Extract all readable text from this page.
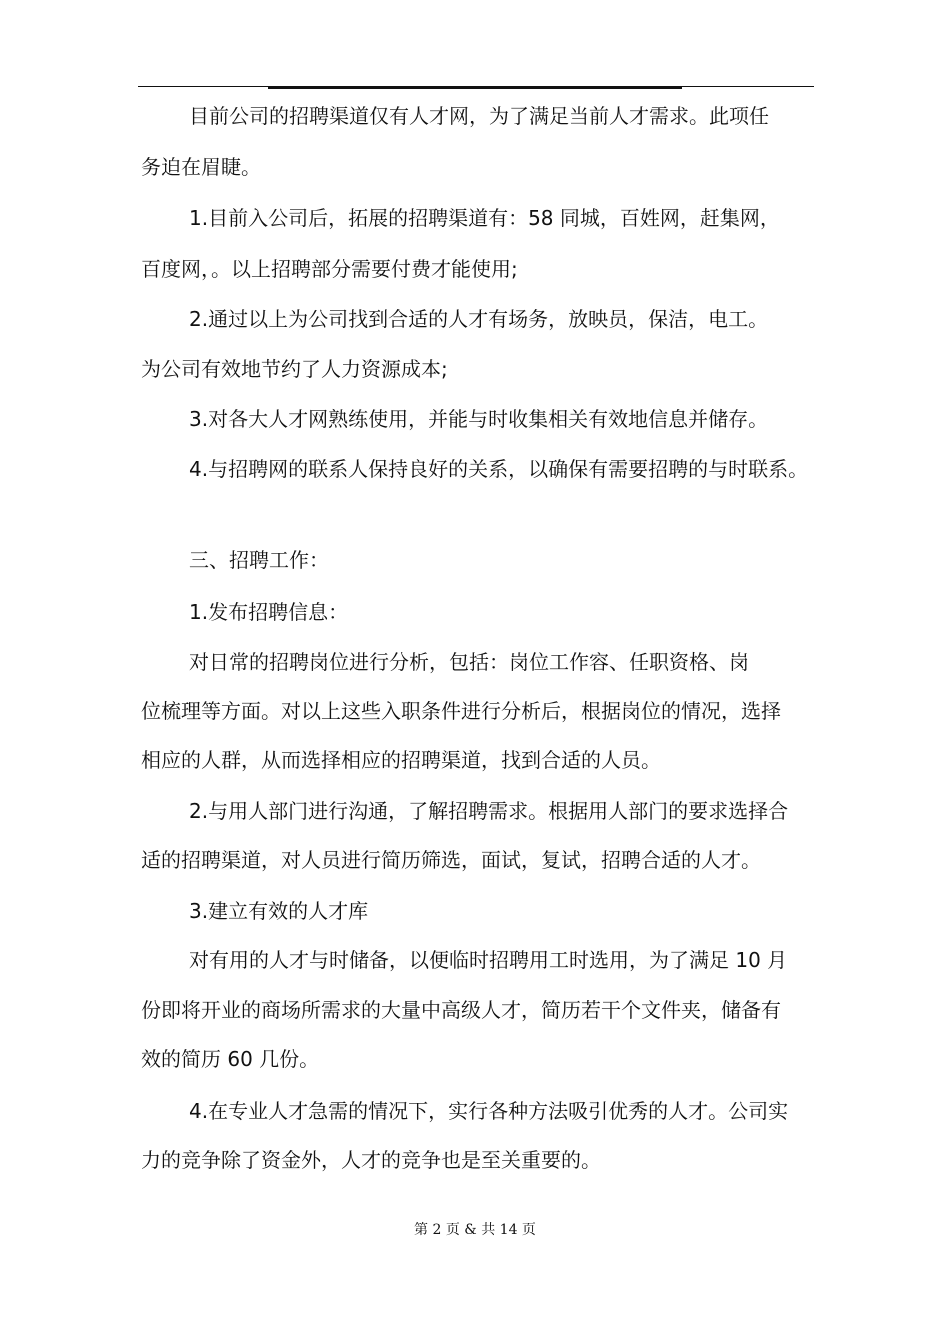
目前公司的招聘渠道仅有人才网，为了满足当前人才需求。此项任
务迫在眉睫。
1.目前入公司后，拓展的招聘渠道有：58 同城，百姓网，赶集网，
百度网，。以上招聘部分需要付费才能使用;
2.通过以上为公司找到合适的人才有场务，放映员，保洁，电工。
为公司有效地节约了人力资源成本;
3.对各大人才网熟练使用，并能与时收集相关有效地信息并储存。
4.与招聘网的联系人保持良好的关系，以确保有需要招聘的与时联系。
三、招聘工作：
1.发布招聘信息：
对日常的招聘岗位进行分析，包括：岗位工作容、任职资格、岗
位梳理等方面。对以上这些入职条件进行分析后，根据岗位的情况，选择
相应的人群，从而选择相应的招聘渠道，找到合适的人员。
2.与用人部门进行沟通，了解招聘需求。根据用人部门的要求选择合
适的招聘渠道，对人员进行简历筛选，面试，复试，招聘合适的人才。
3.建立有效的人才库
对有用的人才与时储备，以便临时招聘用工时选用，为了满足 10 月
份即将开业的商场所需求的大量中高级人才，简历若干个文件夹，储备有
效的简历 60 几份。
4.在专业人才急需的情况下，实行各种方法吸引优秀的人才。公司实
力的竞争除了资金外，人才的竞争也是至关重要的。
第 2 页 & 共 14 页
